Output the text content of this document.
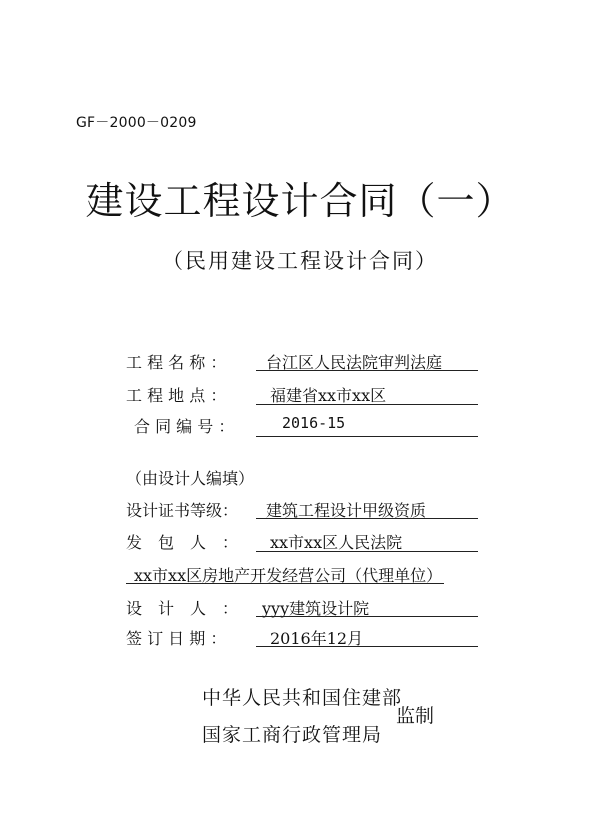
GF－2000－0209
建设工程设计合同（一）
（民用建设工程设计合同）
工 程 名 称 ： 台江区人民法院审判法庭
工 程 地 点 ：	福建省xx市xx区
合 同 编 号 ：	2016-15
（由设计人编填）
设计证书等级： 建筑工程设计甲级资质
发　包　人　： xx市xx区人民法院
xx市xx区房地产开发经营公司（代理单位）
设　计　人　： yyy建筑设计院
签 订 日 期 ：	2016年12月
中华人民共和国住建部
国家工商行政管理局
监制
